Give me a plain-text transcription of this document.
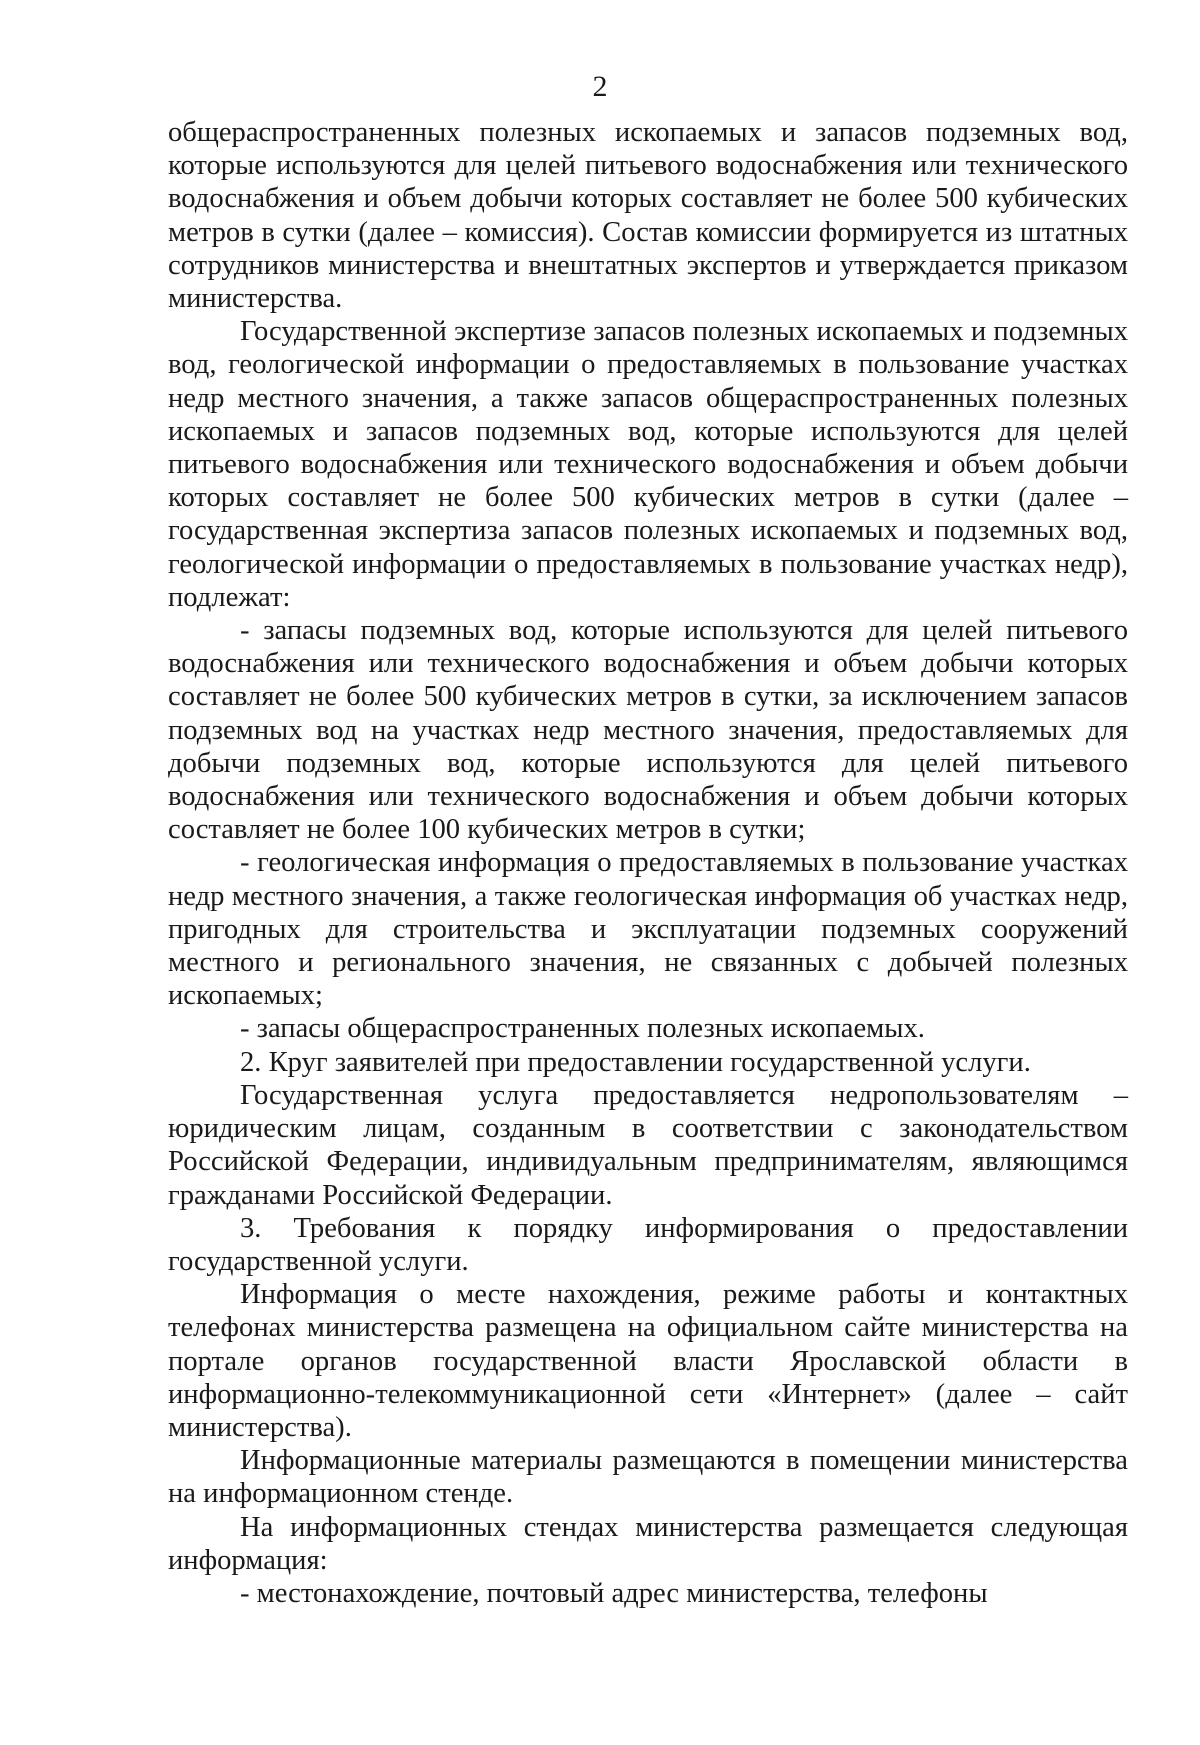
2

общераспространенных полезных ископаемых и запасов подземных вод, которые используются для целей питьевого водоснабжения или технического водоснабжения и объем добычи которых составляет не более 500 кубических метров в сутки (далее – комиссия). Состав комиссии формируется из штатных сотрудников министерства и внештатных экспертов и утверждается приказом министерства.

Государственной экспертизе запасов полезных ископаемых и подземных вод, геологической информации о предоставляемых в пользование участках недр местного значения, а также запасов общераспространенных полезных ископаемых и запасов подземных вод, которые используются для целей питьевого водоснабжения или технического водоснабжения и объем добычи которых составляет не более 500 кубических метров в сутки (далее – государственная экспертиза запасов полезных ископаемых и подземных вод, геологической информации о предоставляемых в пользование участках недр), подлежат:

- запасы подземных вод, которые используются для целей питьевого водоснабжения или технического водоснабжения и объем добычи которых составляет не более 500 кубических метров в сутки, за исключением запасов подземных вод на участках недр местного значения, предоставляемых для добычи подземных вод, которые используются для целей питьевого водоснабжения или технического водоснабжения и объем добычи которых составляет не более 100 кубических метров в сутки;

- геологическая информация о предоставляемых в пользование участках недр местного значения, а также геологическая информация об участках недр, пригодных для строительства и эксплуатации подземных сооружений местного и регионального значения, не связанных с добычей полезных ископаемых;

- запасы общераспространенных полезных ископаемых.

2. Круг заявителей при предоставлении государственной услуги.

Государственная услуга предоставляется недропользователям – юридическим лицам, созданным в соответствии с законодательством Российской Федерации, индивидуальным предпринимателям, являющимся гражданами Российской Федерации.

3. Требования к порядку информирования о предоставлении государственной услуги.

Информация о месте нахождения, режиме работы и контактных телефонах министерства размещена на официальном сайте министерства на портале органов государственной власти Ярославской области в информационно-телекоммуникационной сети «Интернет» (далее – сайт министерства).

Информационные материалы размещаются в помещении министерства на информационном стенде.

На информационных стендах министерства размещается следующая информация:

- местонахождение, почтовый адрес министерства, телефоны
